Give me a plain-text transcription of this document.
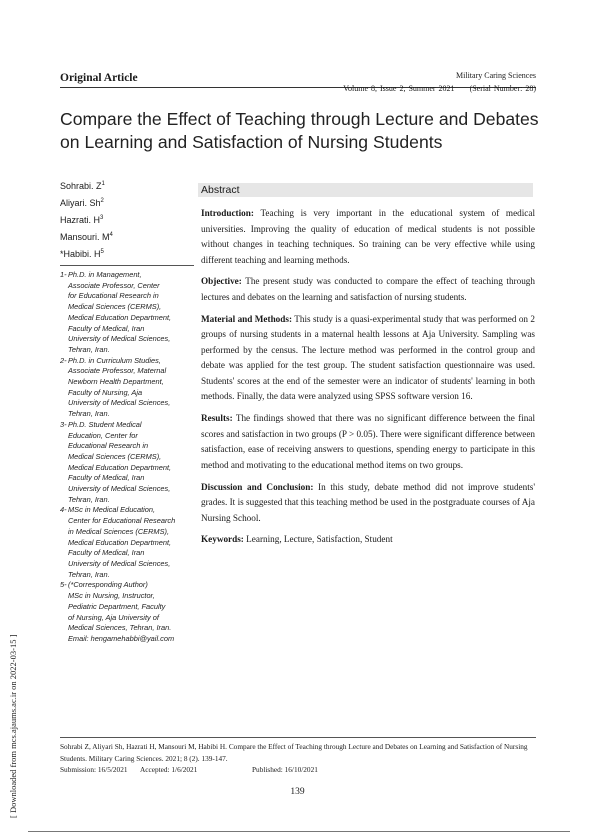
Original Article	Military Caring Sciences
Volume 8, Issue 2, Summer 2021 (Serial Number: 28)
Compare the Effect of Teaching through Lecture and Debates on Learning and Satisfaction of Nursing Students
Sohrabi. $Z^1$
Aliyari. Sh$^2$
Hazrati. $H^3$
Mansouri. $M^4$
*Habibi. $H^5$
1- Ph.D. in Management,
Associate Professor, Center
for Educational Research in
Medical Sciences (CERMS),
Medical Education Department,
Faculty of Medical, Iran
University of Medical Sciences,
Tehran, Iran.
2- Ph.D. in Curriculum Studies,
Associate Professor, Maternal
Newborn Health Department,
Faculty of Nursing, Aja
University of Medical Sciences,
Tehran, Iran.
3- Ph.D. Student Medical
Education, Center for
Educational Research in
Medical Sciences (CERMS),
Medical Education Department,
Faculty of Medical, Iran
University of Medical Sciences,
Tehran, Iran.
4- MSc in Medical Education,
Center for Educational Research
in Medical Sciences (CERMS),
Medical Education Department,
Faculty of Medical, Iran
University of Medical Sciences,
Tehran, Iran.
5- (*Corresponding Author)
MSc in Nursing, Instructor,
Pediatric Department, Faculty
of Nursing, Aja University of
Medical Sciences, Tehran, Iran.
Email: hengamehabbi@yail.com
Abstract

Introduction: Teaching is very important in the educational system of medical universities. Improving the quality of education of medical students is not possible without changes in teaching techniques. So training can be very effective while using different teaching and learning methods.

Objective: The present study was conducted to compare the effect of teaching through lectures and debates on the learning and satisfaction of nursing students.

Material and Methods: This study is a quasi-experimental study that was performed on 2 groups of nursing students in a maternal health lessons at Aja University. Sampling was performed by the census. The lecture method was performed in the control group and debate was applied for the test group. The student satisfaction questionnaire was used. Students' scores at the end of the semester were an indicator of students' learning in both methods. Finally, the data were analyzed using SPSS software version 16.

Results: The findings showed that there was no significant difference between the final scores and satisfaction in two groups (P > 0.05). There were significant difference between satisfaction, ease of receiving answers to questions, spending energy to participate in this method and motivating to the educational method items on two groups.

Discussion and Conclusion: In this study, debate method did not improve students' grades. It is suggested that this teaching method be used in the postgraduate courses of Aja Nursing School.

Keywords: Learning, Lecture, Satisfaction, Student

Sohrabi Z, Aliyari Sh, Hazrati H, Mansouri M, Habibi H. Compare the Effect of Teaching through Lecture and Debates on Learning and Satisfaction of Nursing Students. Military Caring Sciences. 2021; 8 (2). 139-147.
Submission: 16/5/2021 Accepted: 1/6/2021	Published: 16/10/2021
139
[ Downloaded from mcs.ajaums.ac.ir on 2022-03-15 ]
